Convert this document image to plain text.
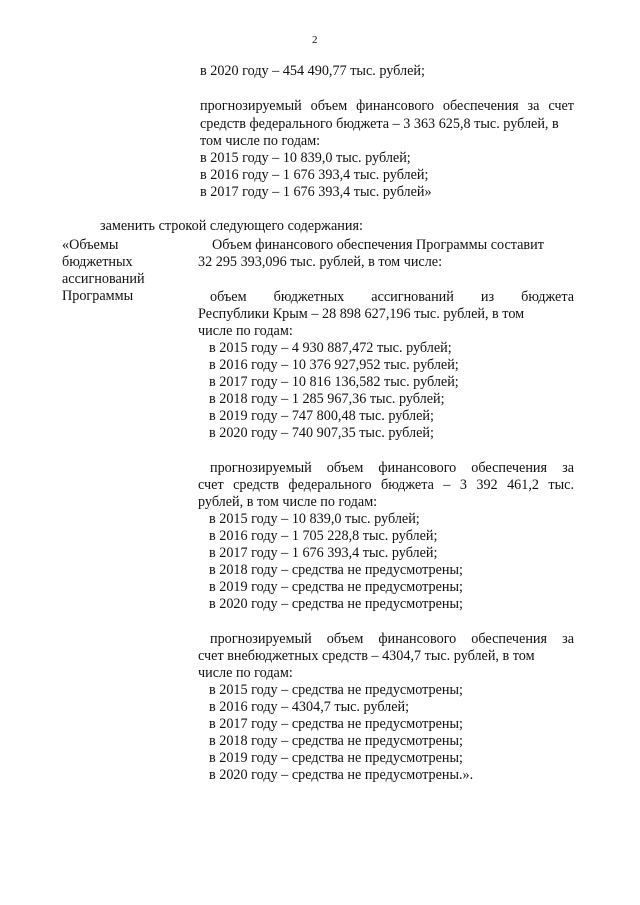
2
в 2020 году – 454 490,77 тыс. рублей;
прогнозируемый объем финансового обеспечения за счет
средств федерального бюджета – 3 363 625,8 тыс. рублей, в
том числе по годам:
в 2015 году – 10 839,0 тыс. рублей;
в 2016 году – 1 676 393,4 тыс. рублей;
в 2017 году – 1 676 393,4 тыс. рублей»
заменить строкой следующего содержания:
«Объемы
бюджетных
ассигнований
Программы
Объем финансового обеспечения Программы составит
32 295 393,096 тыс. рублей, в том числе:
объем бюджетных ассигнований из бюджета
Республики Крым – 28 898 627,196 тыс. рублей, в том
числе по годам:
в 2015 году – 4 930 887,472 тыс. рублей;
в 2016 году – 10 376 927,952 тыс. рублей;
в 2017 году – 10 816 136,582 тыс. рублей;
в 2018 году – 1 285 967,36 тыс. рублей;
в 2019 году – 747 800,48 тыс. рублей;
в 2020 году – 740 907,35 тыс. рублей;
прогнозируемый объем финансового обеспечения за
счет средств федерального бюджета – 3 392 461,2 тыс.
рублей, в том числе по годам:
в 2015 году – 10 839,0 тыс. рублей;
в 2016 году – 1 705 228,8 тыс. рублей;
в 2017 году – 1 676 393,4 тыс. рублей;
в 2018 году – средства не предусмотрены;
в 2019 году – средства не предусмотрены;
в 2020 году – средства не предусмотрены;
прогнозируемый объем финансового обеспечения за
счет внебюджетных средств – 4304,7 тыс. рублей, в том
числе по годам:
в 2015 году – средства не предусмотрены;
в 2016 году – 4304,7 тыс. рублей;
в 2017 году – средства не предусмотрены;
в 2018 году – средства не предусмотрены;
в 2019 году – средства не предусмотрены;
в 2020 году – средства не предусмотрены.».
